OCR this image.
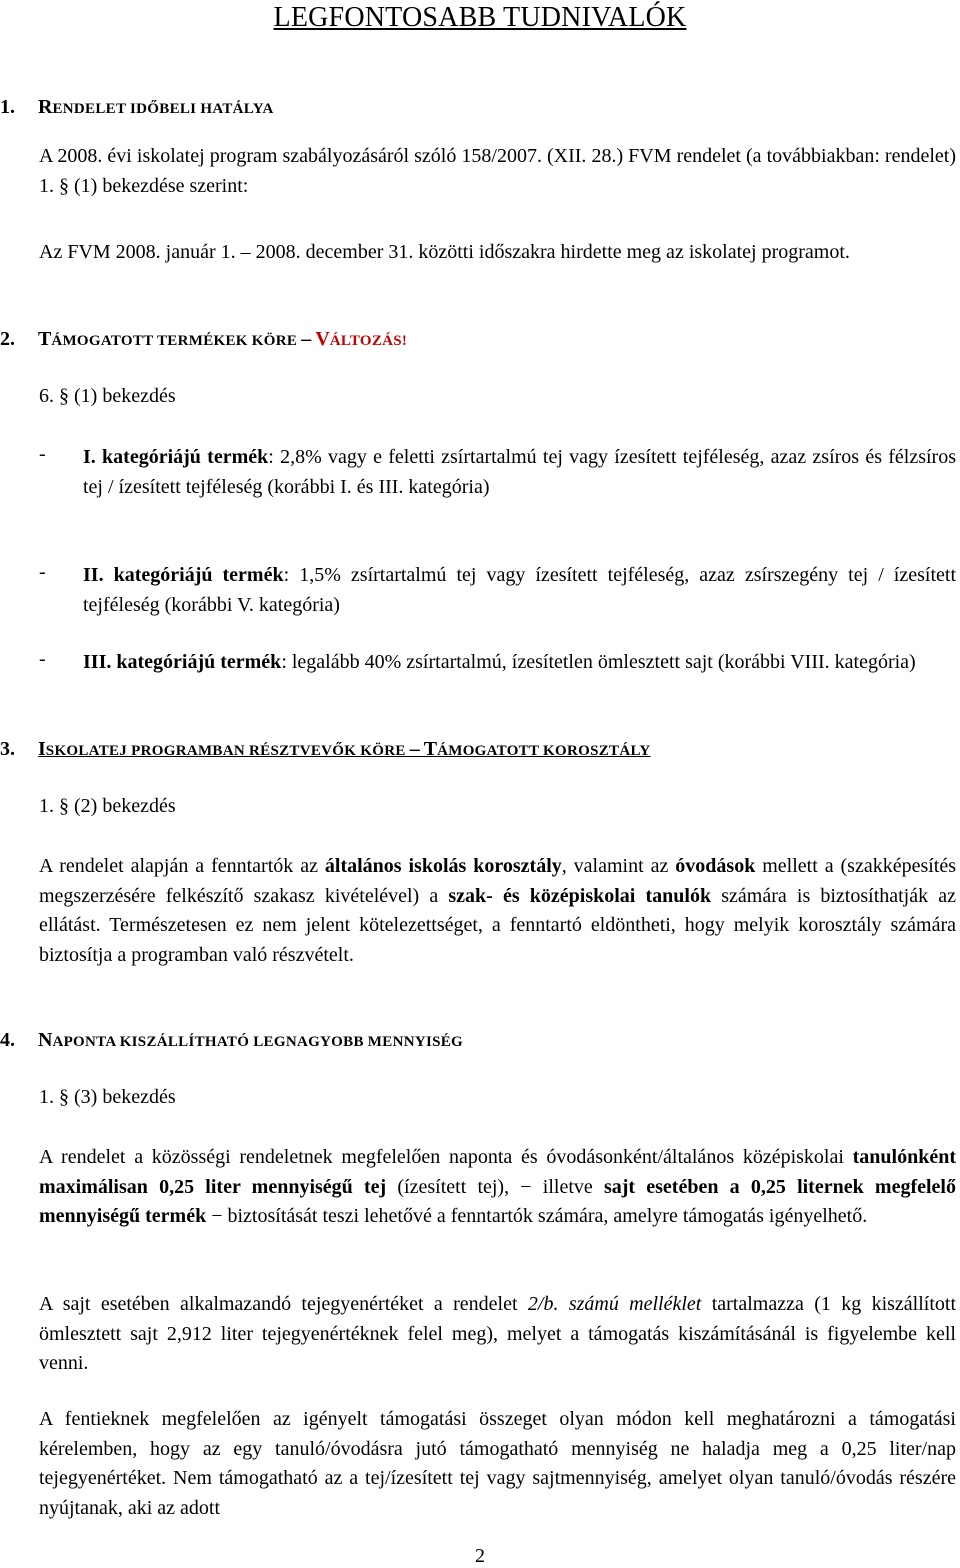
LEGFONTOSABB TUDNIVALÓK
1. RENDELET IDŐBELI HATÁLYA

A 2008. évi iskolatej program szabályozásáról szóló 158/2007. (XII. 28.) FVM rendelet (a továbbiakban: rendelet) 1. § (1) bekezdése szerint:

Az FVM 2008. január 1. – 2008. december 31. közötti időszakra hirdette meg az iskolatej programot.

2. TÁMOGATOTT TERMÉKEK KÖRE – VÁLTOZÁS!
6. § (1) bekezdés
- I. kategóriájú termék: 2,8% vagy e feletti zsírtartalmú tej vagy ízesített tejféleség, azaz zsíros és félzsíros tej / ízesített tejféleség (korábbi I. és III. kategória)

- II. kategóriájú termék: 1,5% zsírtartalmú tej vagy ízesített tejféleség, azaz zsírszegény tej / ízesített tejféleség (korábbi V. kategória)

- III. kategóriájú termék: legalább 40% zsírtartalmú, ízesítetlen ömlesztett sajt (korábbi VIII. kategória)

3. ISKOLATEJ PROGRAMBAN RÉSZTVEVŐK KÖRE – TÁMOGATOTT KOROSZTÁLY
1. § (2) bekezdés

A rendelet alapján a fenntartók az általános iskolás korosztály, valamint az óvodások mellett a (szakképesítés megszerzésére felkészítő szakasz kivételével) a szak- és középiskolai tanulók számára is biztosíthatják az ellátást. Természetesen ez nem jelent kötelezettséget, a fenntartó eldöntheti, hogy melyik korosztály számára biztosítja a programban való részvételt.

4. NAPONTA KISZÁLLÍTHATÓ LEGNAGYOBB MENNYISÉG
1. § (3) bekezdés

A rendelet a közösségi rendeletnek megfelelően naponta és óvodásonként/általános középiskolai tanulónként maximálisan 0,25 liter mennyiségű tej (ízesített tej), − illetve sajt esetében a 0,25 liternek megfelelő mennyiségű termék − biztosítását teszi lehetővé a fenntartók számára, amelyre támogatás igényelhető.

A sajt esetében alkalmazandó tejegyenértéket a rendelet 2/b. számú melléklet tartalmazza (1 kg kiszállított ömlesztett sajt 2,912 liter tejegyenértéknek felel meg), melyet a támogatás kiszámításánál is figyelembe kell venni.

A fentieknek megfelelően az igényelt támogatási összeget olyan módon kell meghatározni a támogatási kérelemben, hogy az egy tanuló/óvodásra jutó támogatható mennyiség ne haladja meg a 0,25 liter/nap tejegyenértéket. Nem támogatható az a tej/ízesített tej vagy sajtmennyiség, amelyet olyan tanuló/óvodás részére nyújtanak, aki az adott

2
